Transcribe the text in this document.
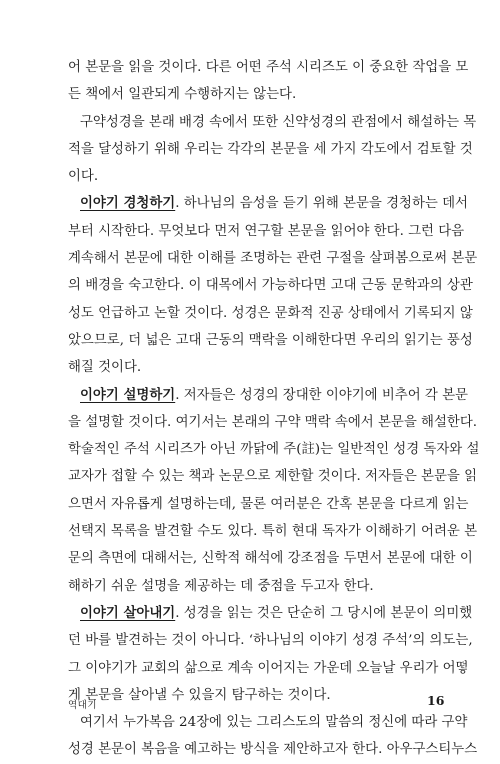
어 본문을 읽을 것이다. 다른 어떤 주석 시리즈도 이 중요한 작업을 모
든 책에서 일관되게 수행하지는 않는다.
구약성경을 본래 배경 속에서 또한 신약성경의 관점에서 해설하는 목
적을 달성하기 위해 우리는 각각의 본문을 세 가지 각도에서 검토할 것
이다.
이야기 경청하기. 하나님의 음성을 듣기 위해 본문을 경청하는 데서
부터 시작한다. 무엇보다 먼저 연구할 본문을 읽어야 한다. 그런 다음
계속해서 본문에 대한 이해를 조명하는 관련 구절을 살펴봄으로써 본문
의 배경을 숙고한다. 이 대목에서 가능하다면 고대 근동 문학과의 상관
성도 언급하고 논할 것이다. 성경은 문화적 진공 상태에서 기록되지 않
았으므로, 더 넓은 고대 근동의 맥락을 이해한다면 우리의 읽기는 풍성
해질 것이다.
이야기 설명하기. 저자들은 성경의 장대한 이야기에 비추어 각 본문
을 설명할 것이다. 여기서는 본래의 구약 맥락 속에서 본문을 해설한다.
학술적인 주석 시리즈가 아닌 까닭에 주(註)는 일반적인 성경 독자와 설
교자가 접할 수 있는 책과 논문으로 제한할 것이다. 저자들은 본문을 읽
으면서 자유롭게 설명하는데, 물론 여러분은 간혹 본문을 다르게 읽는
선택지 목록을 발견할 수도 있다. 특히 현대 독자가 이해하기 어려운 본
문의 측면에 대해서는, 신학적 해석에 강조점을 두면서 본문에 대한 이
해하기 쉬운 설명을 제공하는 데 중점을 두고자 한다.
이야기 살아내기. 성경을 읽는 것은 단순히 그 당시에 본문이 의미했
던 바를 발견하는 것이 아니다. ‘하나님의 이야기 성경 주석’의 의도는,
그 이야기가 교회의 삶으로 계속 이어지는 가운데 오늘날 우리가 어떻
게 본문을 살아낼 수 있을지 탐구하는 것이다.
여기서 누가복음 24장에 있는 그리스도의 말씀의 정신에 따라 구약
성경 본문이 복음을 예고하는 방식을 제안하고자 한다. 아우구스티누스
역대기	16
